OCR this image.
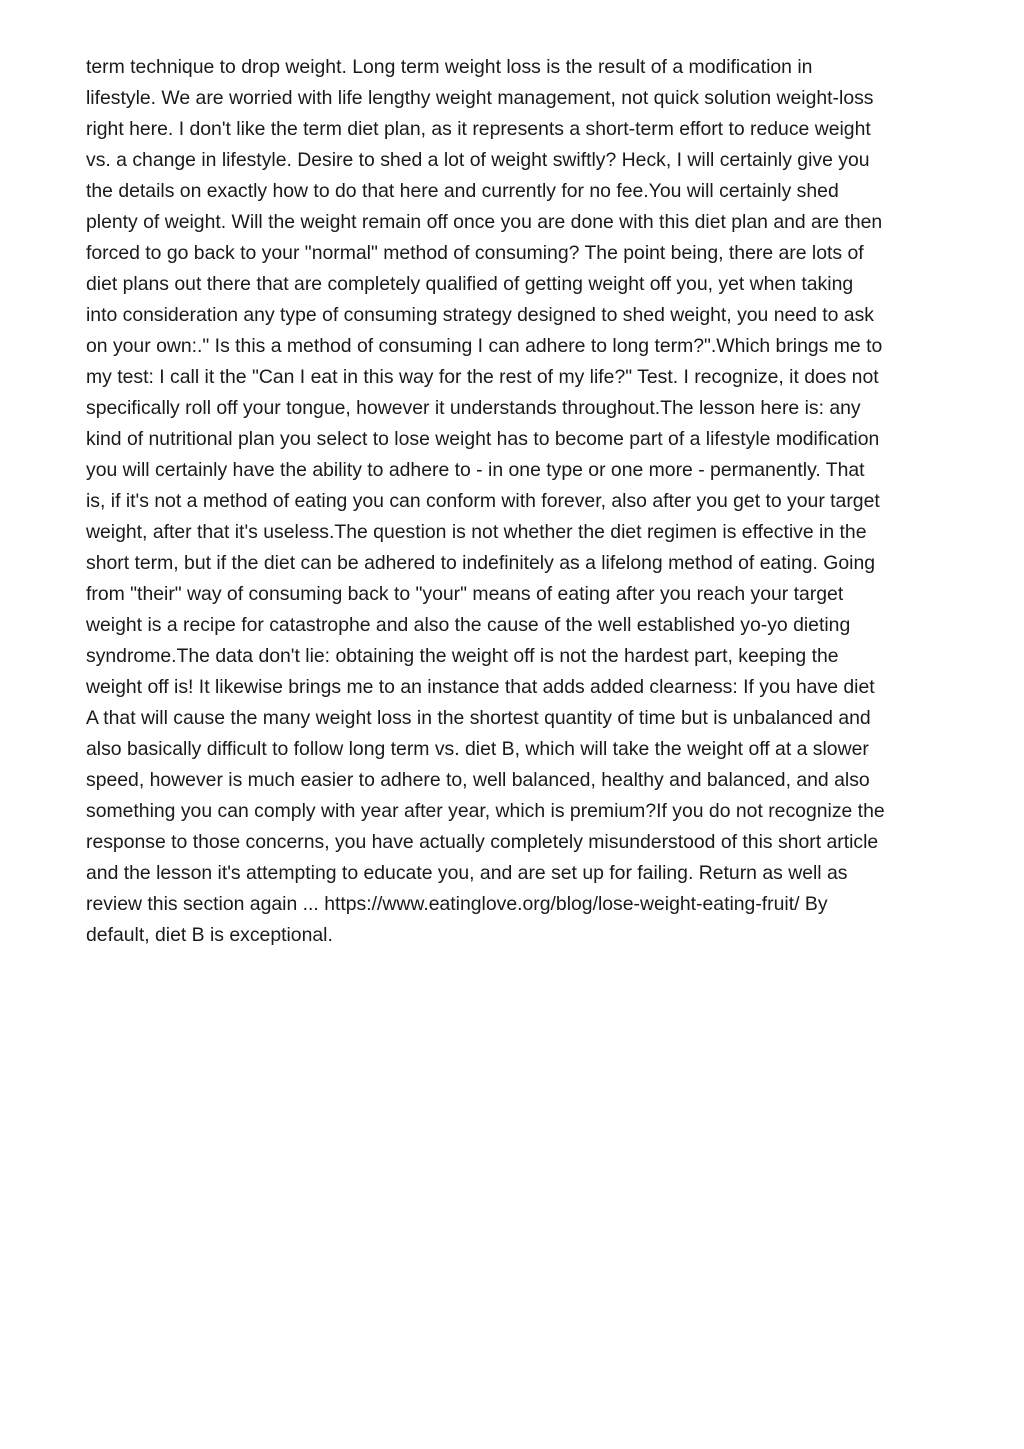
term technique to drop weight. Long term weight loss is the result of a modification in
lifestyle. We are worried with life lengthy weight management, not quick solution weight-loss
right here. I don't like the term diet plan, as it represents a short-term effort to reduce weight
vs. a change in lifestyle. Desire to shed a lot of weight swiftly? Heck, I will certainly give you
the details on exactly how to do that here and currently for no fee.You will certainly shed
plenty of weight. Will the weight remain off once you are done with this diet plan and are then
forced to go back to your "normal" method of consuming? The point being, there are lots of
diet plans out there that are completely qualified of getting weight off you, yet when taking
into consideration any type of consuming strategy designed to shed weight, you need to ask
on your own:." Is this a method of consuming I can adhere to long term?".Which brings me to
my test: I call it the "Can I eat in this way for the rest of my life?" Test. I recognize, it does not
specifically roll off your tongue, however it understands throughout.The lesson here is: any
kind of nutritional plan you select to lose weight has to become part of a lifestyle modification
you will certainly have the ability to adhere to - in one type or one more - permanently. That
is, if it's not a method of eating you can conform with forever, also after you get to your target
weight, after that it's useless.The question is not whether the diet regimen is effective in the
short term, but if the diet can be adhered to indefinitely as a lifelong method of eating. Going
from "their" way of consuming back to "your" means of eating after you reach your target
weight is a recipe for catastrophe and also the cause of the well established yo-yo dieting
syndrome.The data don't lie: obtaining the weight off is not the hardest part, keeping the
weight off is! It likewise brings me to an instance that adds added clearness: If you have diet
A that will cause the many weight loss in the shortest quantity of time but is unbalanced and
also basically difficult to follow long term vs. diet B, which will take the weight off at a slower
speed, however is much easier to adhere to, well balanced, healthy and balanced, and also
something you can comply with year after year, which is premium?If you do not recognize the
response to those concerns, you have actually completely misunderstood of this short article
and the lesson it's attempting to educate you, and are set up for failing. Return as well as
review this section again ... https://www.eatinglove.org/blog/lose-weight-eating-fruit/ By
default, diet B is exceptional.
